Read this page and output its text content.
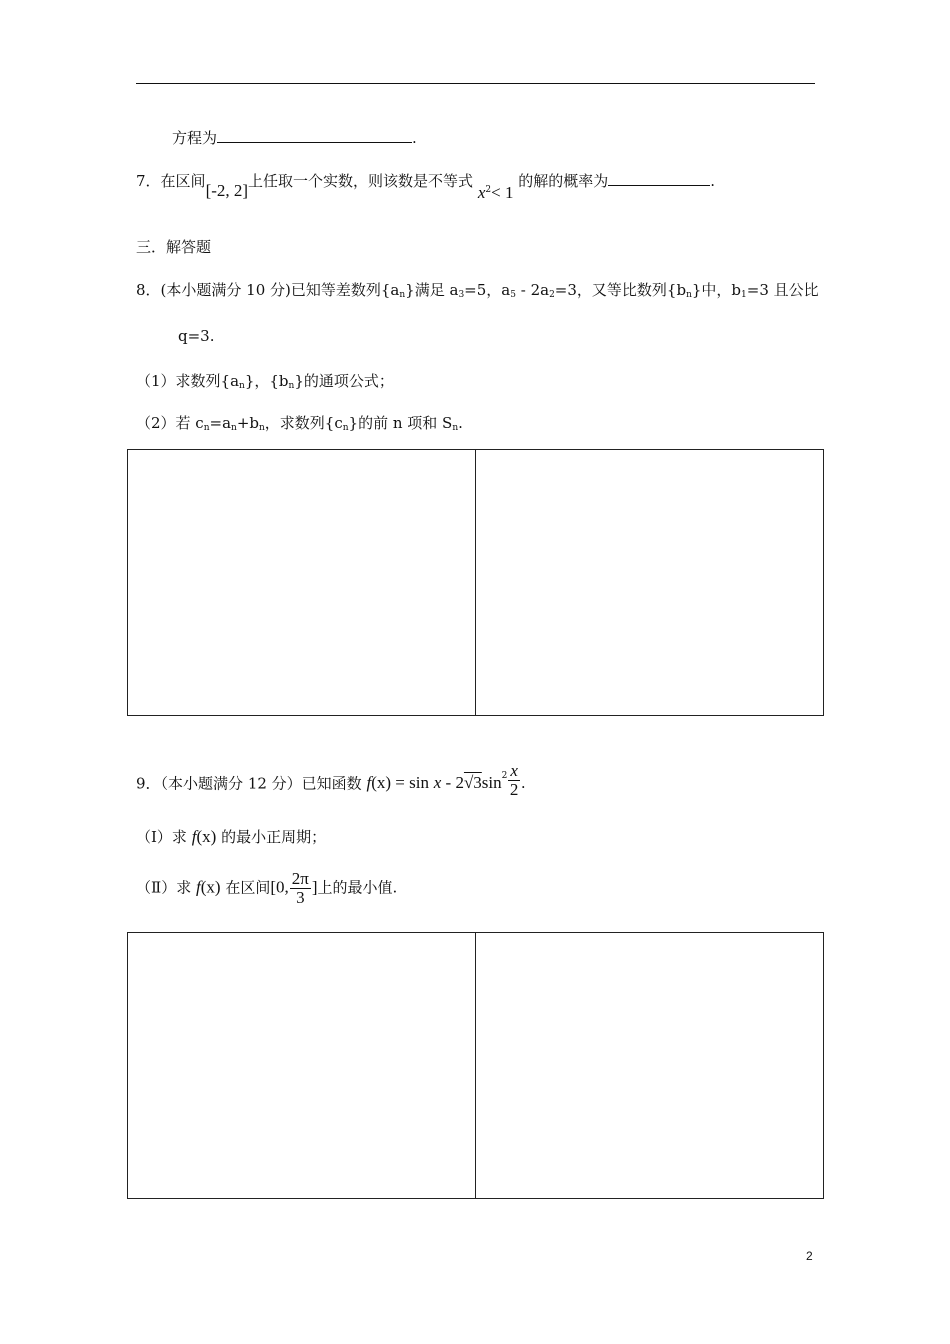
方程为	.
7．在区间[-2, 2]上任取一个实数，则该数是不等式 $x^2< 1$ 的解的概率为	.
三．解答题
8．(本小题满分 10 分)已知等差数列$\{a_n\}$满足 $a_3=5$，$a_5 - 2a_2=3$，又等比数列$\{b_n\}$中，$b_1=3$ 且公比
q=3.
（1）求数列$\{a_n\}$，$\{b_n\}$的通项公式；
（2）若 $c_n=a_n+b_n$，求数列$\{c_n\}$的前 n 项和 $S_n$.
9．（本小题满分 12 分）已知函数 $f(x) = \sin x - 2√3\sin^2 \frac{x}{2}$ .
（Ⅰ）求 f(x) 的最小正周期；
（Ⅱ）求 f(x) 在区间[0, $\frac{2\pi}{3}$ ]上的最小值.
2
